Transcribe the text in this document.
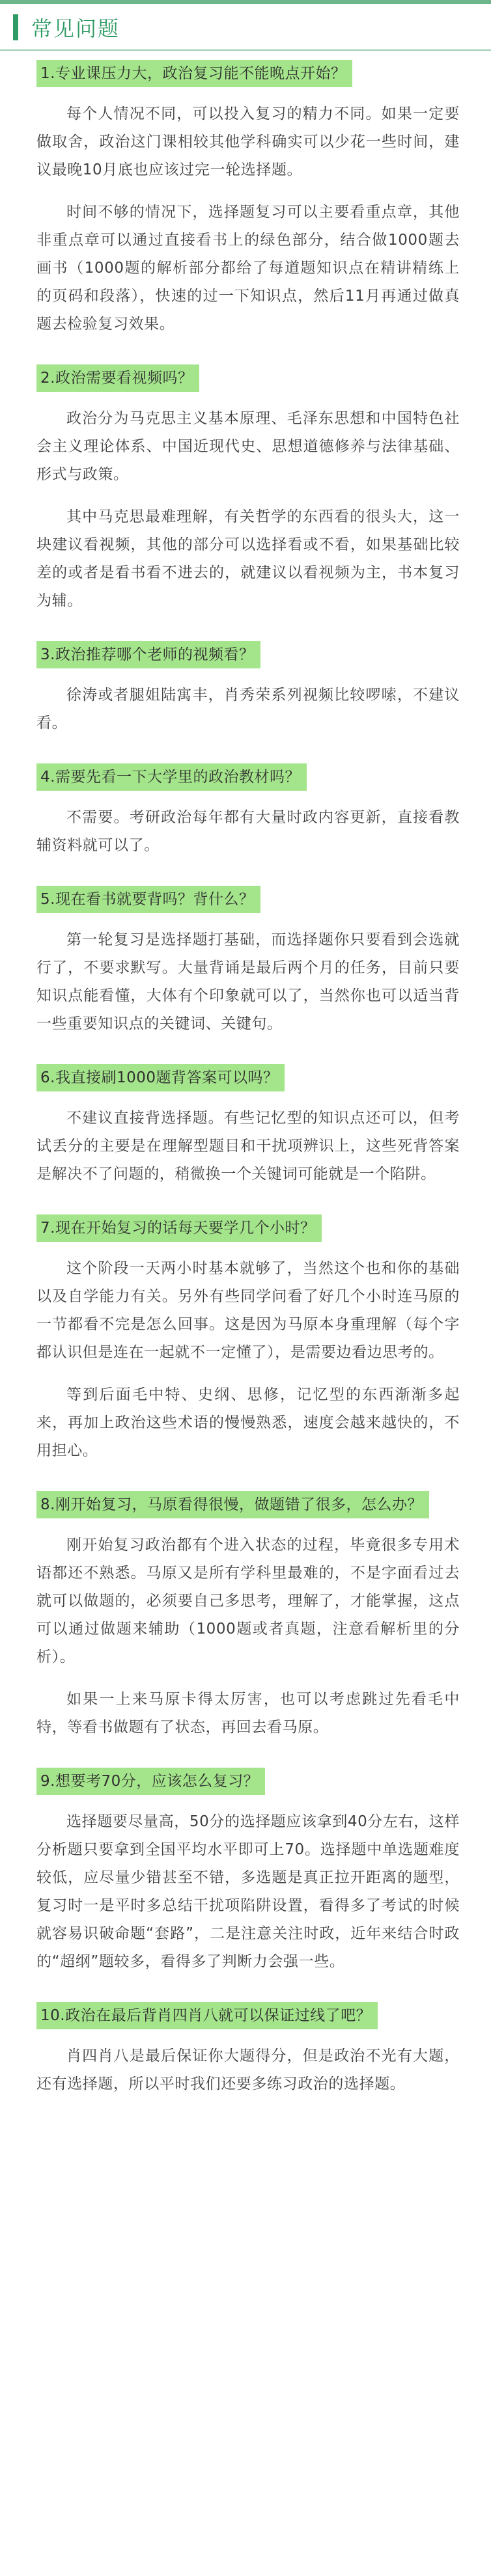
常见问题
1.专业课压力大，政治复习能不能晚点开始？

每个人情况不同，可以投入复习的精力不同。如果一定要做取舍，政治这门课相较其他学科确实可以少花一些时间，建议最晚10月底也应该过完一轮选择题。

时间不够的情况下，选择题复习可以主要看重点章，其他非重点章可以通过直接看书上的绿色部分，结合做1000题去画书（1000题的解析部分都给了每道题知识点在精讲精练上的页码和段落），快速的过一下知识点，然后11月再通过做真题去检验复习效果。

2.政治需要看视频吗？

政治分为马克思主义基本原理、毛泽东思想和中国特色社会主义理论体系、中国近现代史、思想道德修养与法律基础、形式与政策。

其中马克思最难理解，有关哲学的东西看的很头大，这一块建议看视频，其他的部分可以选择看或不看，如果基础比较差的或者是看书看不进去的，就建议以看视频为主，书本复习为辅。

3.政治推荐哪个老师的视频看？

徐涛或者腿姐陆寓丰，肖秀荣系列视频比较啰嗦，不建议看。

4.需要先看一下大学里的政治教材吗？

不需要。考研政治每年都有大量时政内容更新，直接看教辅资料就可以了。

5.现在看书就要背吗？背什么？

第一轮复习是选择题打基础，而选择题你只要看到会选就行了，不要求默写。大量背诵是最后两个月的任务，目前只要知识点能看懂，大体有个印象就可以了，当然你也可以适当背一些重要知识点的关键词、关键句。

6.我直接刷1000题背答案可以吗？

不建议直接背选择题。有些记忆型的知识点还可以，但考试丢分的主要是在理解型题目和干扰项辨识上，这些死背答案是解决不了问题的，稍微换一个关键词可能就是一个陷阱。

7.现在开始复习的话每天要学几个小时？

这个阶段一天两小时基本就够了，当然这个也和你的基础以及自学能力有关。另外有些同学问看了好几个小时连马原的一节都看不完是怎么回事。这是因为马原本身重理解（每个字都认识但是连在一起就不一定懂了），是需要边看边思考的。

等到后面毛中特、史纲、思修，记忆型的东西渐渐多起来，再加上政治这些术语的慢慢熟悉，速度会越来越快的，不用担心。

8.刚开始复习，马原看得很慢，做题错了很多，怎么办？

刚开始复习政治都有个进入状态的过程，毕竟很多专用术语都还不熟悉。马原又是所有学科里最难的，不是字面看过去就可以做题的，必须要自己多思考，理解了，才能掌握，这点可以通过做题来辅助（1000题或者真题，注意看解析里的分析）。

如果一上来马原卡得太厉害，也可以考虑跳过先看毛中特，等看书做题有了状态，再回去看马原。

9.想要考70分，应该怎么复习？

选择题要尽量高，50分的选择题应该拿到40分左右，这样分析题只要拿到全国平均水平即可上70。选择题中单选题难度较低，应尽量少错甚至不错，多选题是真正拉开距离的题型，复习时一是平时多总结干扰项陷阱设置，看得多了考试的时候就容易识破命题“套路”，二是注意关注时政，近年来结合时政的“超纲”题较多，看得多了判断力会强一些。

10.政治在最后背肖四肖八就可以保证过线了吧？

肖四肖八是最后保证你大题得分，但是政治不光有大题，还有选择题，所以平时我们还要多练习政治的选择题。
